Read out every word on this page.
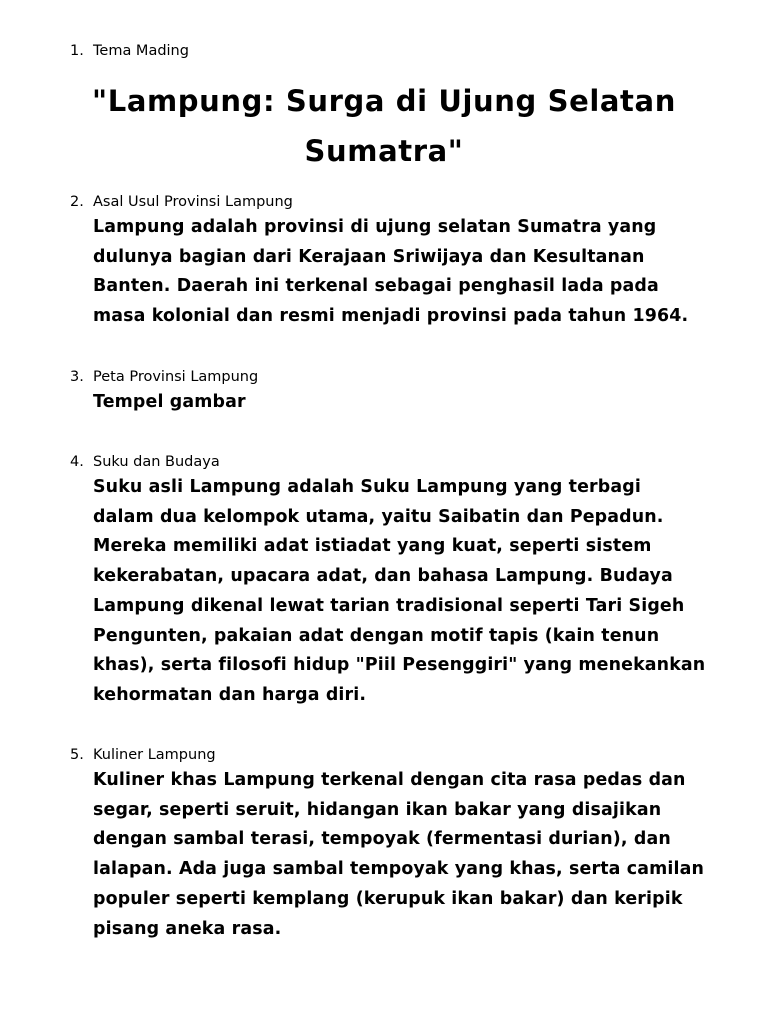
1. Tema Mading
"Lampung: Surga di Ujung Selatan
Sumatra"
2. Asal Usul Provinsi Lampung
Lampung adalah provinsi di ujung selatan Sumatra yang
dulunya bagian dari Kerajaan Sriwijaya dan Kesultanan
Banten. Daerah ini terkenal sebagai penghasil lada pada
masa kolonial dan resmi menjadi provinsi pada tahun 1964.
3. Peta Provinsi Lampung
Tempel gambar
4. Suku dan Budaya
Suku asli Lampung adalah Suku Lampung yang terbagi
dalam dua kelompok utama, yaitu Saibatin dan Pepadun.
Mereka memiliki adat istiadat yang kuat, seperti sistem
kekerabatan, upacara adat, dan bahasa Lampung. Budaya
Lampung dikenal lewat tarian tradisional seperti Tari Sigeh
Pengunten, pakaian adat dengan motif tapis (kain tenun
khas), serta filosofi hidup "Piil Pesenggiri" yang menekankan
kehormatan dan harga diri.
5. Kuliner Lampung
Kuliner khas Lampung terkenal dengan cita rasa pedas dan
segar, seperti seruit, hidangan ikan bakar yang disajikan
dengan sambal terasi, tempoyak (fermentasi durian), dan
lalapan. Ada juga sambal tempoyak yang khas, serta camilan
populer seperti kemplang (kerupuk ikan bakar) dan keripik
pisang aneka rasa.
